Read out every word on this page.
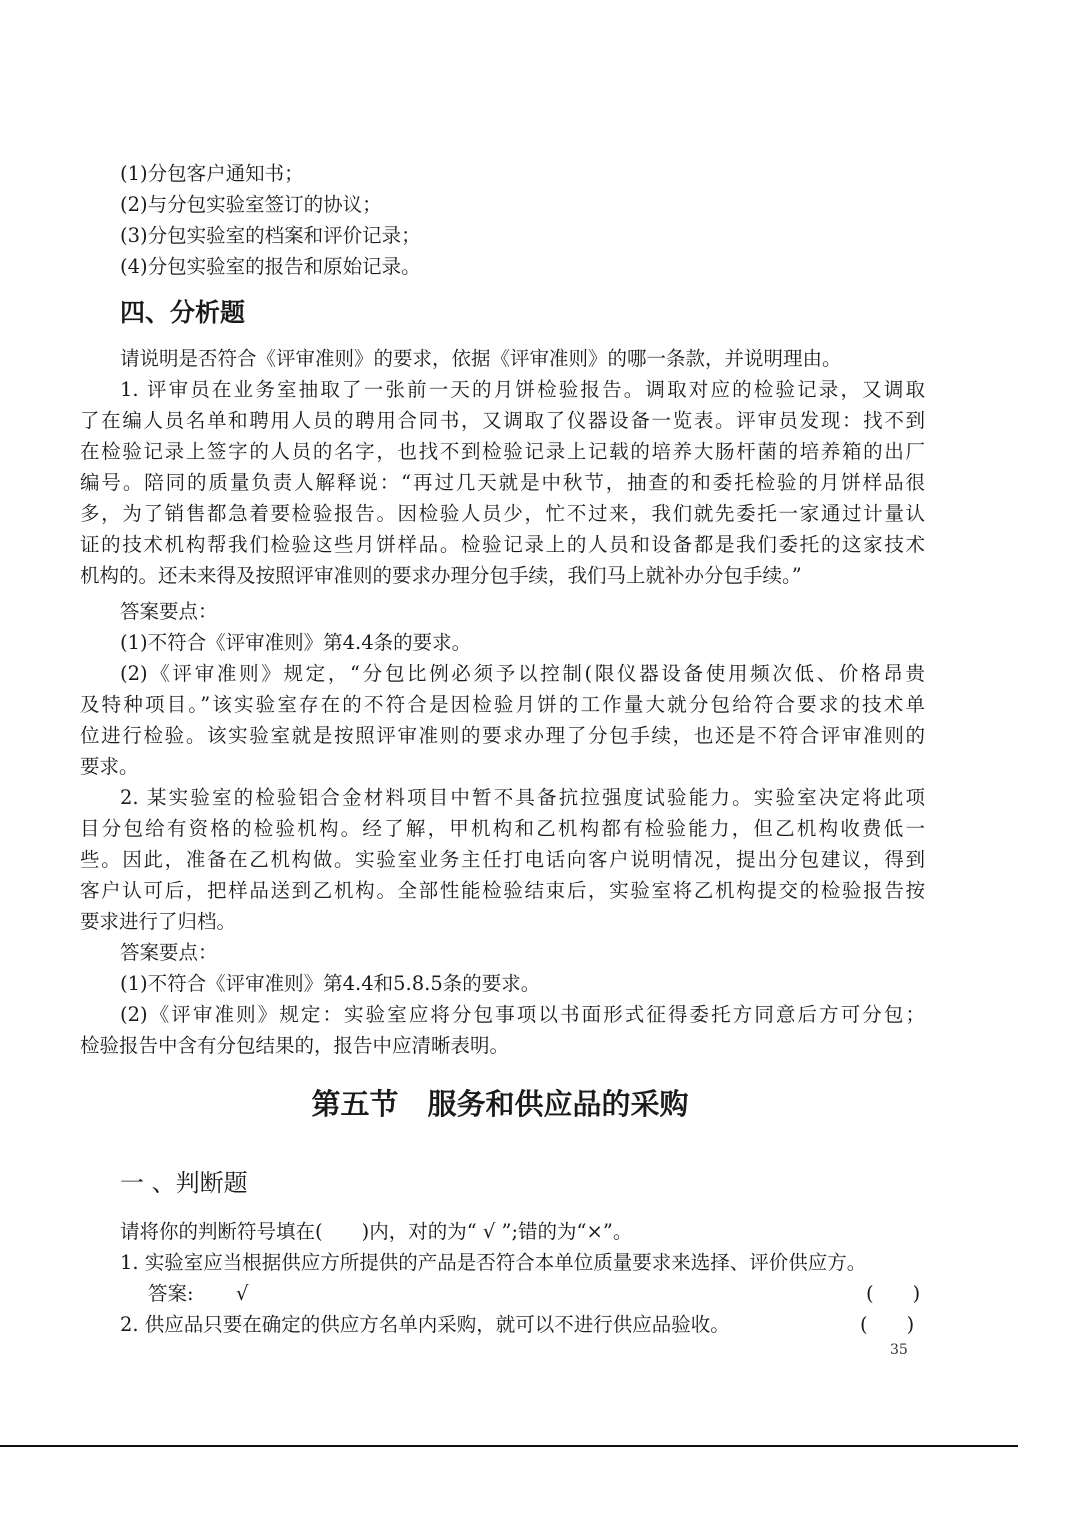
(1)分包客户通知书；
(2)与分包实验室签订的协议；
(3)分包实验室的档案和评价记录；
(4)分包实验室的报告和原始记录。
四、分析题
请说明是否符合《评审准则》的要求，依据《评审准则》的哪一条款，并说明理由。
1. 评审员在业务室抽取了一张前一天的月饼检验报告。调取对应的检验记录，又调取
了在编人员名单和聘用人员的聘用合同书，又调取了仪器设备一览表。评审员发现：找不到
在检验记录上签字的人员的名字，也找不到检验记录上记载的培养大肠杆菌的培养箱的出厂
编号。陪同的质量负责人解释说：“再过几天就是中秋节，抽查的和委托检验的月饼样品很
多，为了销售都急着要检验报告。因检验人员少，忙不过来，我们就先委托一家通过计量认
证的技术机构帮我们检验这些月饼样品。检验记录上的人员和设备都是我们委托的这家技术
机构的。还未来得及按照评审准则的要求办理分包手续，我们马上就补办分包手续。”
答案要点：
(1)不符合《评审准则》第4.4条的要求。
(2)《评审准则》规定，“分包比例必须予以控制(限仪器设备使用频次低、价格昂贵
及特种项目。”该实验室存在的不符合是因检验月饼的工作量大就分包给符合要求的技术单
位进行检验。该实验室就是按照评审准则的要求办理了分包手续，也还是不符合评审准则的
要求。
2. 某实验室的检验铝合金材料项目中暂不具备抗拉强度试验能力。实验室决定将此项
目分包给有资格的检验机构。经了解，甲机构和乙机构都有检验能力，但乙机构收费低一
些。因此，准备在乙机构做。实验室业务主任打电话向客户说明情况，提出分包建议，得到
客户认可后，把样品送到乙机构。全部性能检验结束后，实验室将乙机构提交的检验报告按
要求进行了归档。
答案要点：
(1)不符合《评审准则》第4.4和5.8.5条的要求。
(2)《评审准则》规定：实验室应将分包事项以书面形式征得委托方同意后方可分包；
检验报告中含有分包结果的，报告中应清晰表明。
第五节　服务和供应品的采购
一 、判断题
请将你的判断符号填在(　　)内，对的为“ √ ”;错的为“×”。
1. 实验室应当根据供应方所提供的产品是否符合本单位质量要求来选择、评价供应方。
答案: √	(　　)
2. 供应品只要在确定的供应方名单内采购，就可以不进行供应品验收。	(　　)
35
